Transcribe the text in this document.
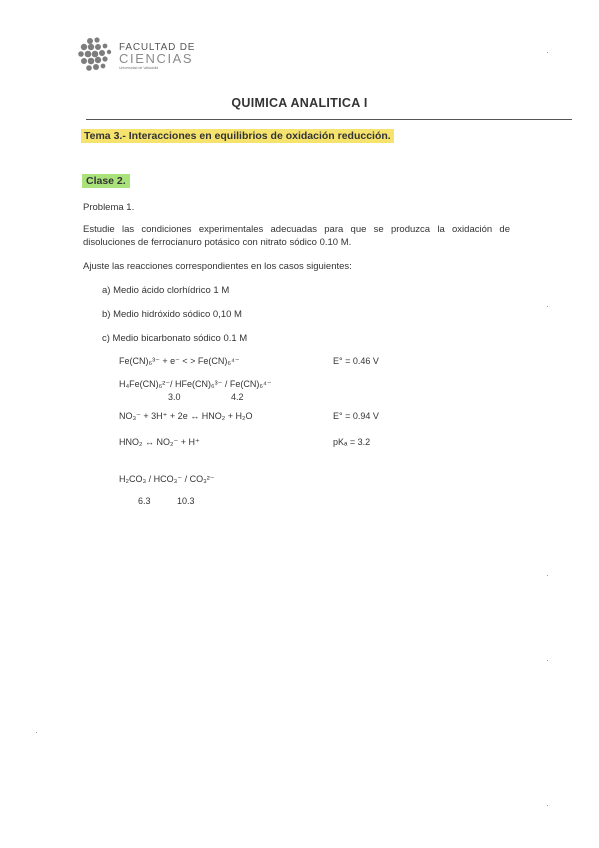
FACULTAD DE
CIENCIAS
Universidad de Valladolid
QUIMICA ANALITICA I
Tema 3.- Interacciones en equilibrios de oxidación reducción.
Clase 2.
Problema 1.
Estudie las condiciones experimentales adecuadas para que se produzca la oxidación de disoluciones de ferrocianuro potásico con nitrato sódico 0.10 M.
Ajuste las reacciones correspondientes en los casos siguientes:
a) Medio ácido clorhídrico 1 M
b) Medio hidróxido sódico 0,10 M
c) Medio bicarbonato sódico 0.1 M
Fe(CN)₆³⁻ + e⁻ < > Fe(CN)₆⁴⁻	E° = 0.46 V
H₄Fe(CN)₆²⁻/ HFe(CN)₆³⁻ / Fe(CN)₆⁴⁻
3.0	4.2
NO₃⁻ + 3H⁺ + 2e ↔ HNO₂ + H₂O	E° = 0.94 V
HNO₂ ↔ NO₂⁻ + H⁺	pKₐ = 3.2
H₂CO₃ / HCO₃⁻ / CO₃²⁻
6.3	10.3
